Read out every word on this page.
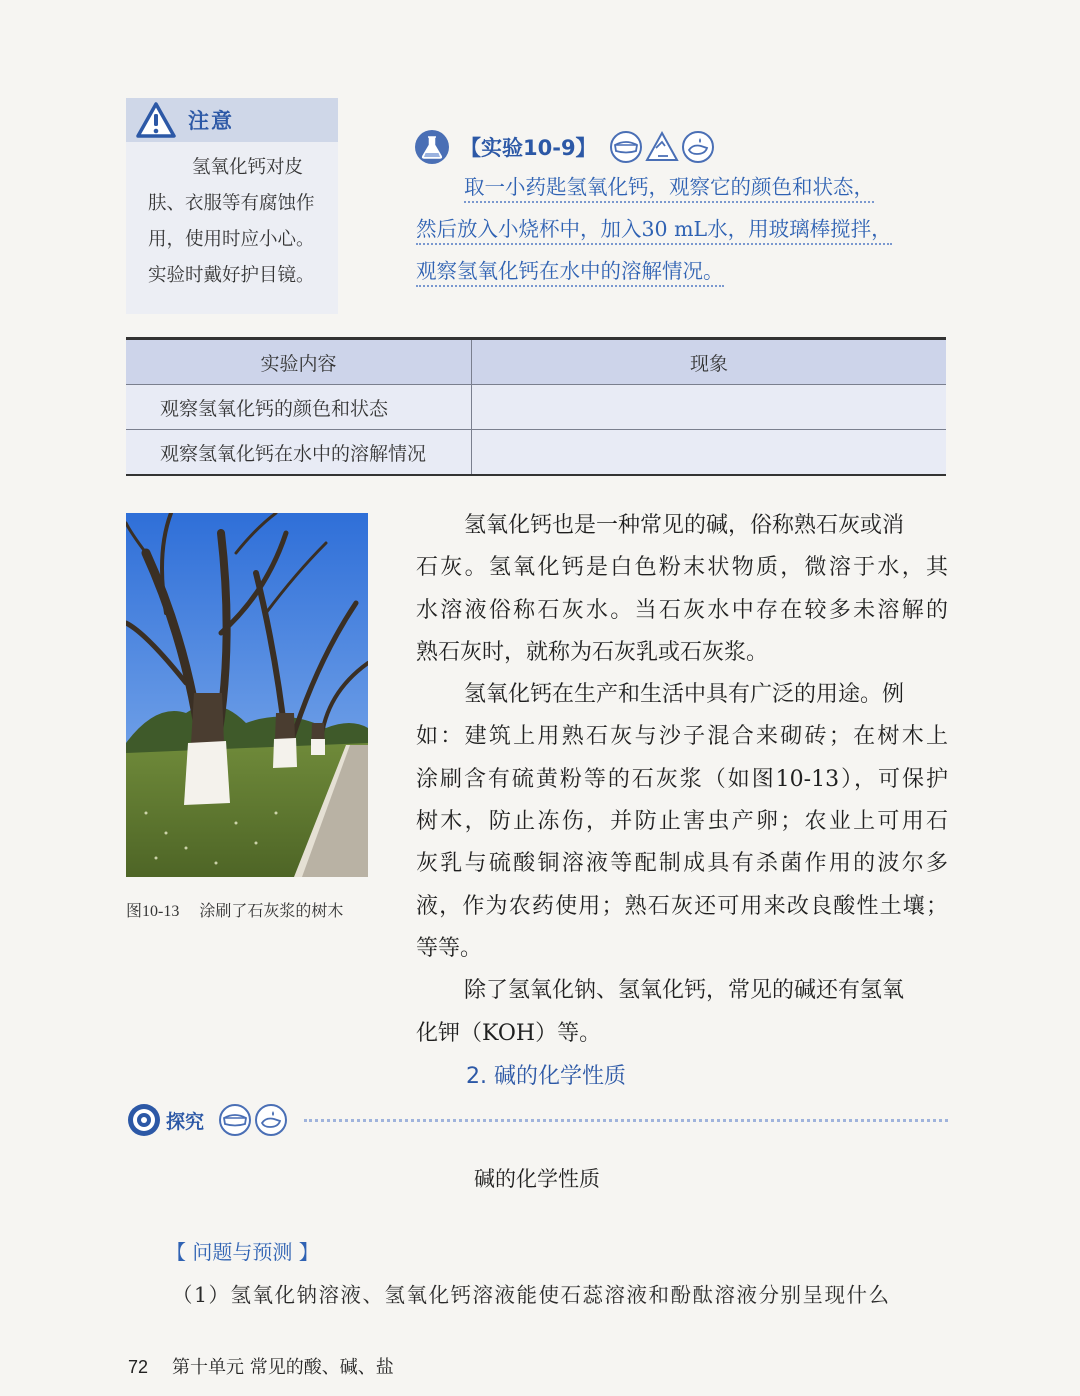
注意
氢氧化钙对皮
肤、衣服等有腐蚀作
用，使用时应小心。
实验时戴好护目镜。
【实验10-9】
取一小药匙氢氧化钙，观察它的颜色和状态，
然后放入小烧杯中，加入30 mL水，用玻璃棒搅拌，
观察氢氧化钙在水中的溶解情况。
实验内容	现象
观察氢氧化钙的颜色和状态
观察氢氧化钙在水中的溶解情况
图10-13 涂刷了石灰浆的树木
氢氧化钙也是一种常见的碱，俗称熟石灰或消
石灰。氢氧化钙是白色粉末状物质，微溶于水，其
水溶液俗称石灰水。当石灰水中存在较多未溶解的
熟石灰时，就称为石灰乳或石灰浆。
氢氧化钙在生产和生活中具有广泛的用途。例
如：建筑上用熟石灰与沙子混合来砌砖；在树木上
涂刷含有硫黄粉等的石灰浆（如图10-13），可保护
树木，防止冻伤，并防止害虫产卵；农业上可用石
灰乳与硫酸铜溶液等配制成具有杀菌作用的波尔多
液，作为农药使用；熟石灰还可用来改良酸性土壤；
等等。
除了氢氧化钠、氢氧化钙，常见的碱还有氢氧
化钾（KOH）等。
2. 碱的化学性质
探究
碱的化学性质
【 问题与预测 】
（1）氢氧化钠溶液、氢氧化钙溶液能使石蕊溶液和酚酞溶液分别呈现什么
72 第十单元 常见的酸、碱、盐
